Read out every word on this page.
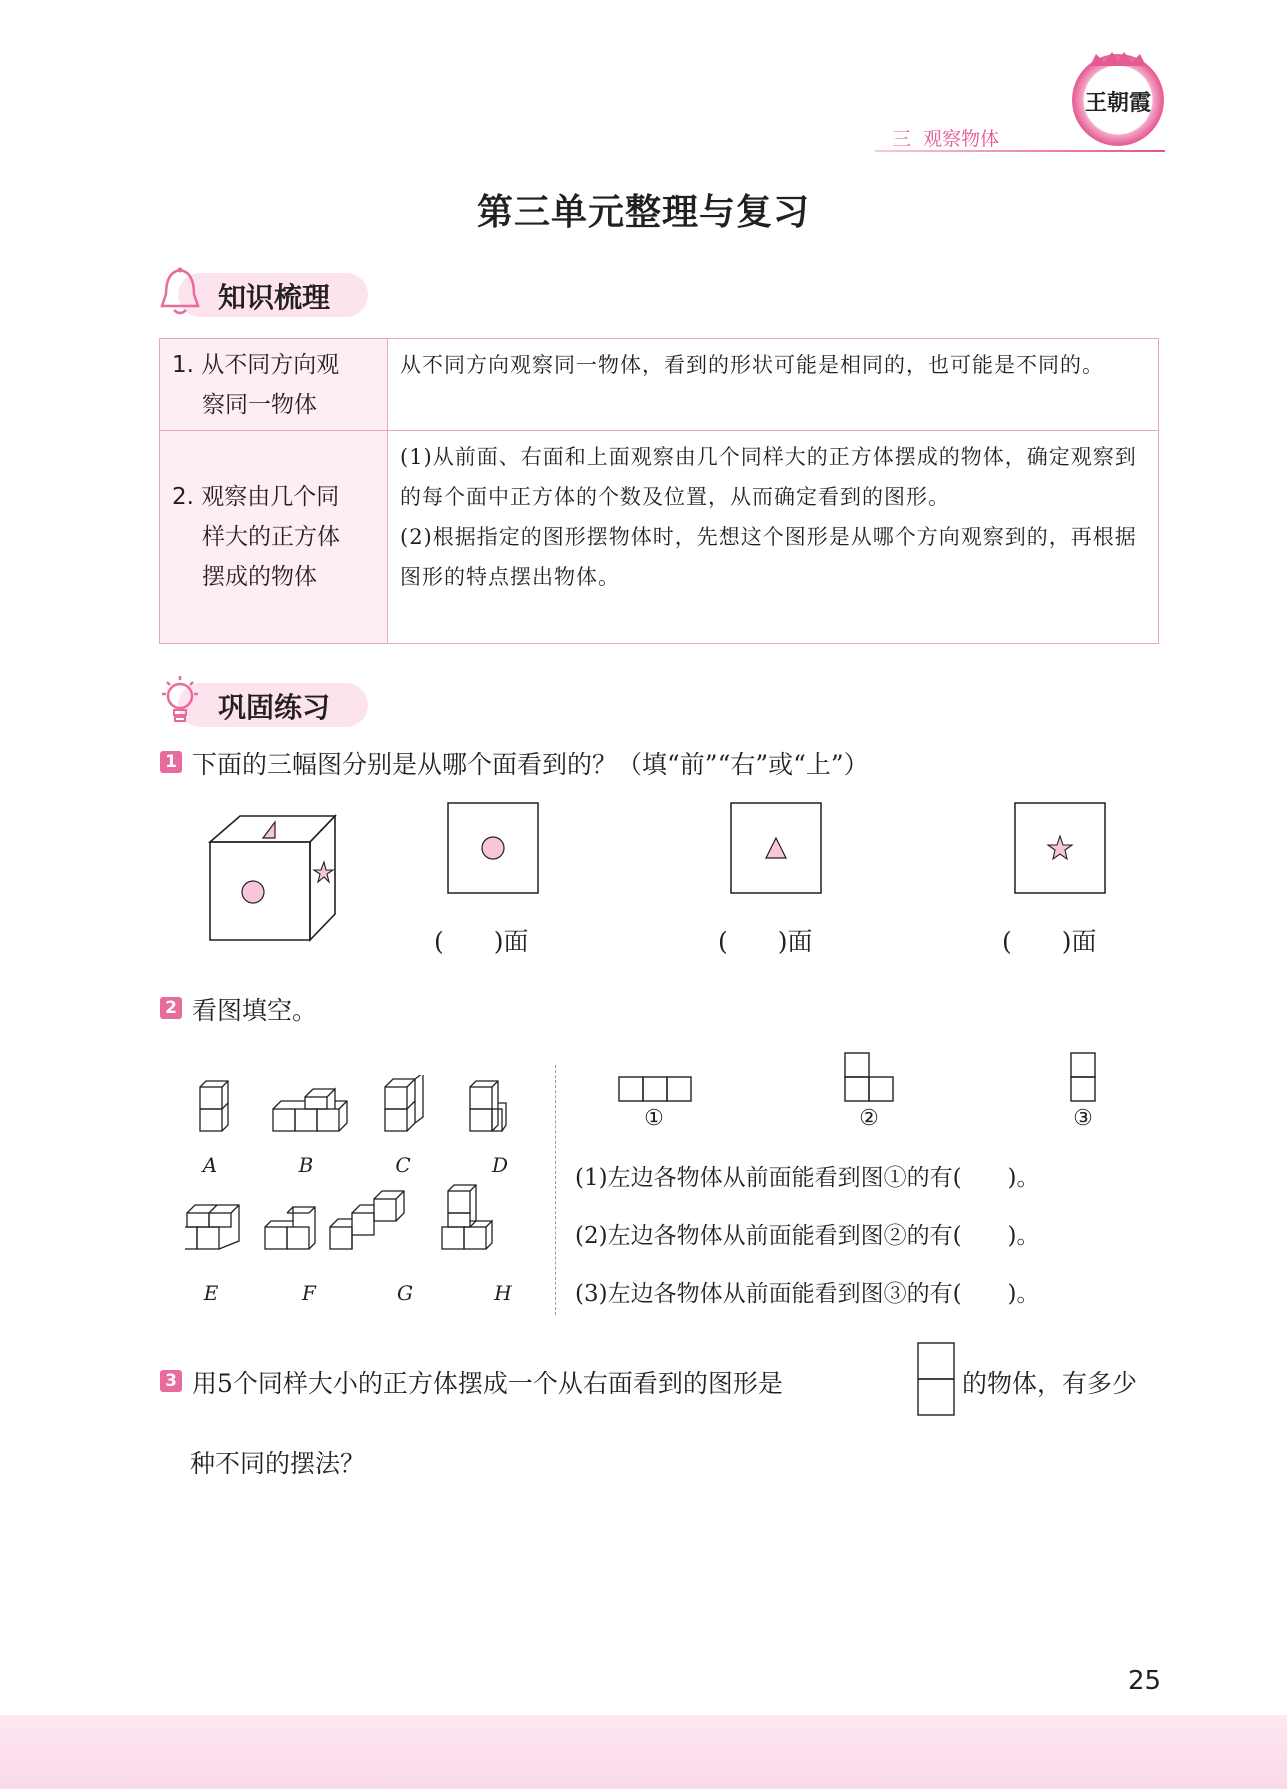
王朝霞
三  观察物体
第三单元整理与复习
知识梳理
1. 从不同方向观
察同一物体
从不同方向观察同一物体，看到的形状可能是相同的，也可能是不同的。
2. 观察由几个同
样大的正方体
摆成的物体
(1)从前面、右面和上面观察由几个同样大的正方体摆成的物体，确定观察到的每个面中正方体的个数及位置，从而确定看到的图形。
(2)根据指定的图形摆物体时，先想这个图形是从哪个方向观察到的，再根据图形的特点摆出物体。
巩固练习
1 下面的三幅图分别是从哪个面看到的？（填“前”“右”或“上”）
(　　)面	(　　)面	(　　)面
2 看图填空。
A	B	C	D
E	F	G	H
①	②	③
(1)左边各物体从前面能看到图①的有(　　)。
(2)左边各物体从前面能看到图②的有(　　)。
(3)左边各物体从前面能看到图③的有(　　)。
3 用5个同样大小的正方体摆成一个从右面看到的图形是	的物体，有多少
种不同的摆法？
25
